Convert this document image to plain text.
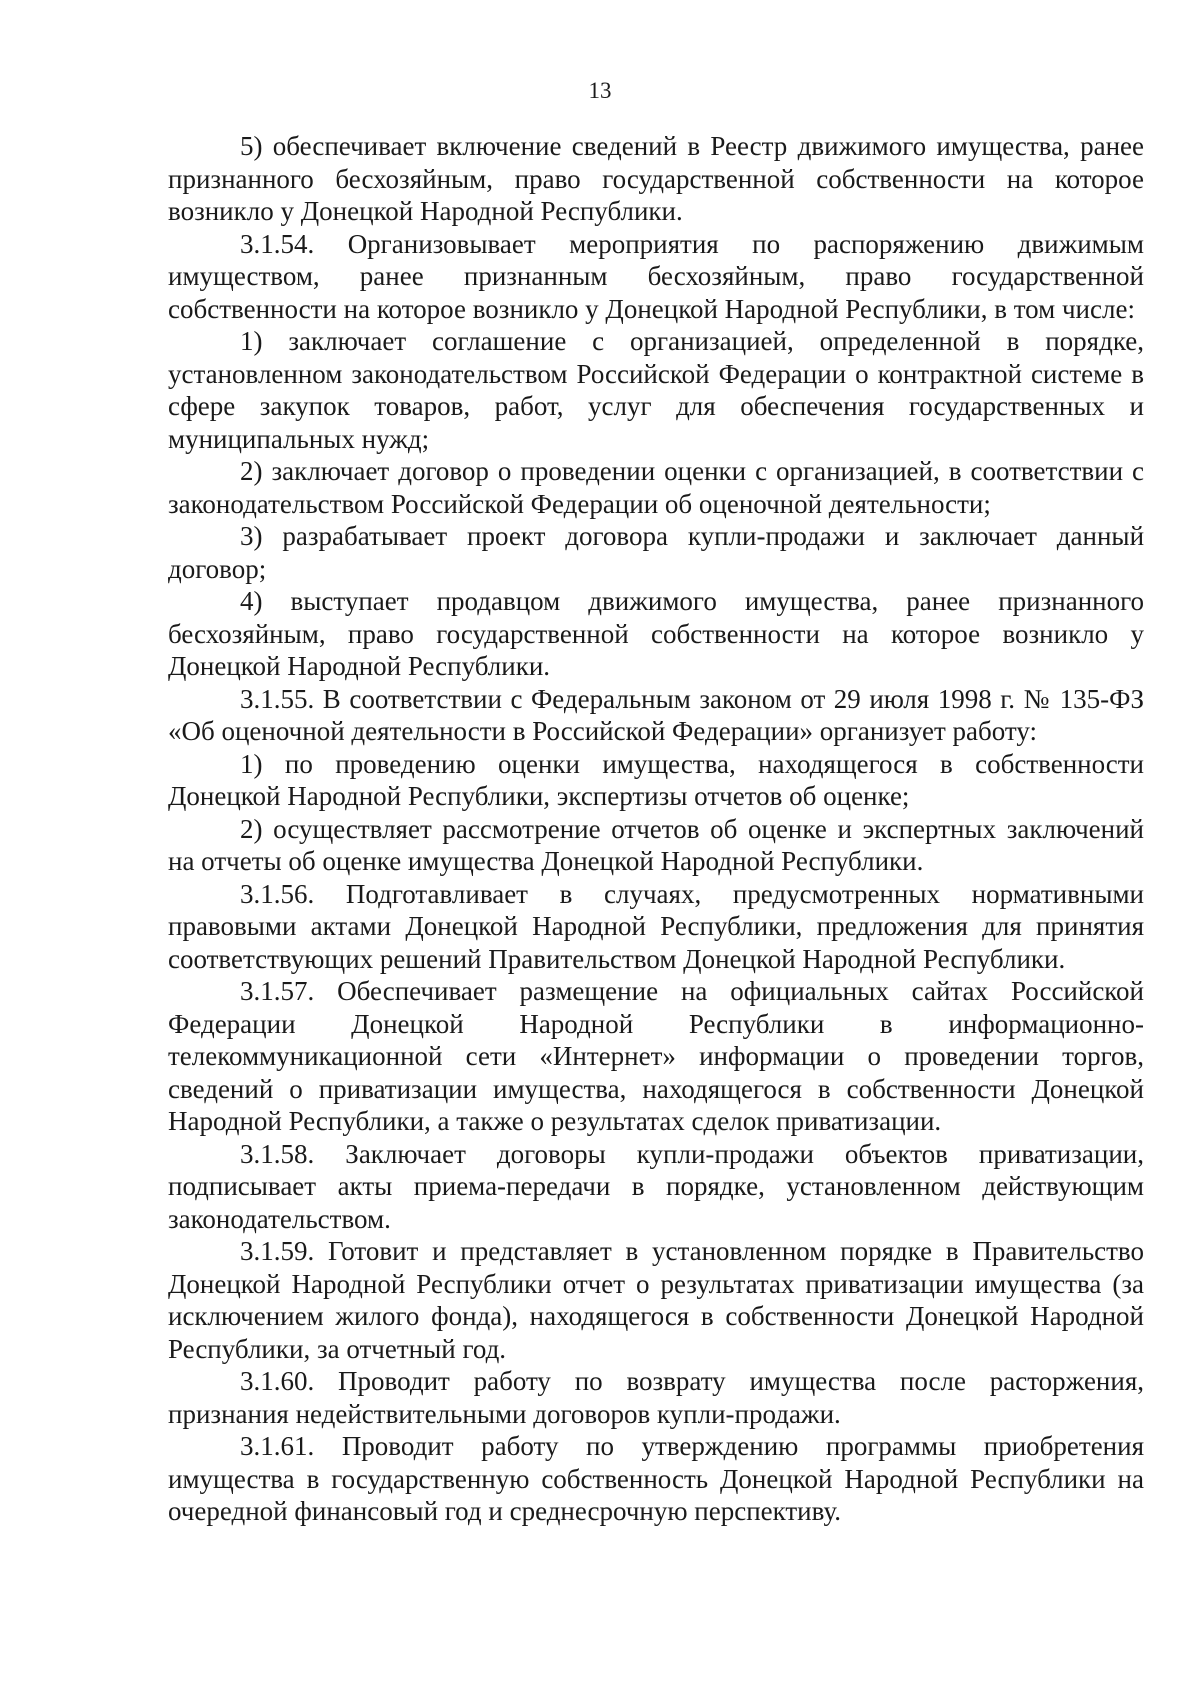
13

5) обеспечивает включение сведений в Реестр движимого имущества, ранее признанного бесхозяйным, право государственной собственности на которое возникло у Донецкой Народной Республики.

3.1.54. Организовывает мероприятия по распоряжению движимым имуществом, ранее признанным бесхозяйным, право государственной собственности на которое возникло у Донецкой Народной Республики, в том числе:

1) заключает соглашение с организацией, определенной в порядке, установленном законодательством Российской Федерации о контрактной системе в сфере закупок товаров, работ, услуг для обеспечения государственных и муниципальных нужд;

2) заключает договор о проведении оценки с организацией, в соответствии с законодательством Российской Федерации об оценочной деятельности;

3) разрабатывает проект договора купли-продажи и заключает данный договор;

4) выступает продавцом движимого имущества, ранее признанного бесхозяйным, право государственной собственности на которое возникло у Донецкой Народной Республики.

3.1.55. В соответствии с Федеральным законом от 29 июля 1998 г. № 135-ФЗ «Об оценочной деятельности в Российской Федерации» организует работу:

1) по проведению оценки имущества, находящегося в собственности Донецкой Народной Республики, экспертизы отчетов об оценке;

2) осуществляет рассмотрение отчетов об оценке и экспертных заключений на отчеты об оценке имущества Донецкой Народной Республики.

3.1.56. Подготавливает в случаях, предусмотренных нормативными правовыми актами Донецкой Народной Республики, предложения для принятия соответствующих решений Правительством Донецкой Народной Республики.

3.1.57. Обеспечивает размещение на официальных сайтах Российской Федерации Донецкой Народной Республики в информационно-телекоммуникационной сети «Интернет» информации о проведении торгов, сведений о приватизации имущества, находящегося в собственности Донецкой Народной Республики, а также о результатах сделок приватизации.

3.1.58. Заключает договоры купли-продажи объектов приватизации, подписывает акты приема-передачи в порядке, установленном действующим законодательством.

3.1.59. Готовит и представляет в установленном порядке в Правительство Донецкой Народной Республики отчет о результатах приватизации имущества (за исключением жилого фонда), находящегося в собственности Донецкой Народной Республики, за отчетный год.

3.1.60. Проводит работу по возврату имущества после расторжения, признания недействительными договоров купли-продажи.

3.1.61. Проводит работу по утверждению программы приобретения имущества в государственную собственность Донецкой Народной Республики на очередной финансовый год и среднесрочную перспективу.
